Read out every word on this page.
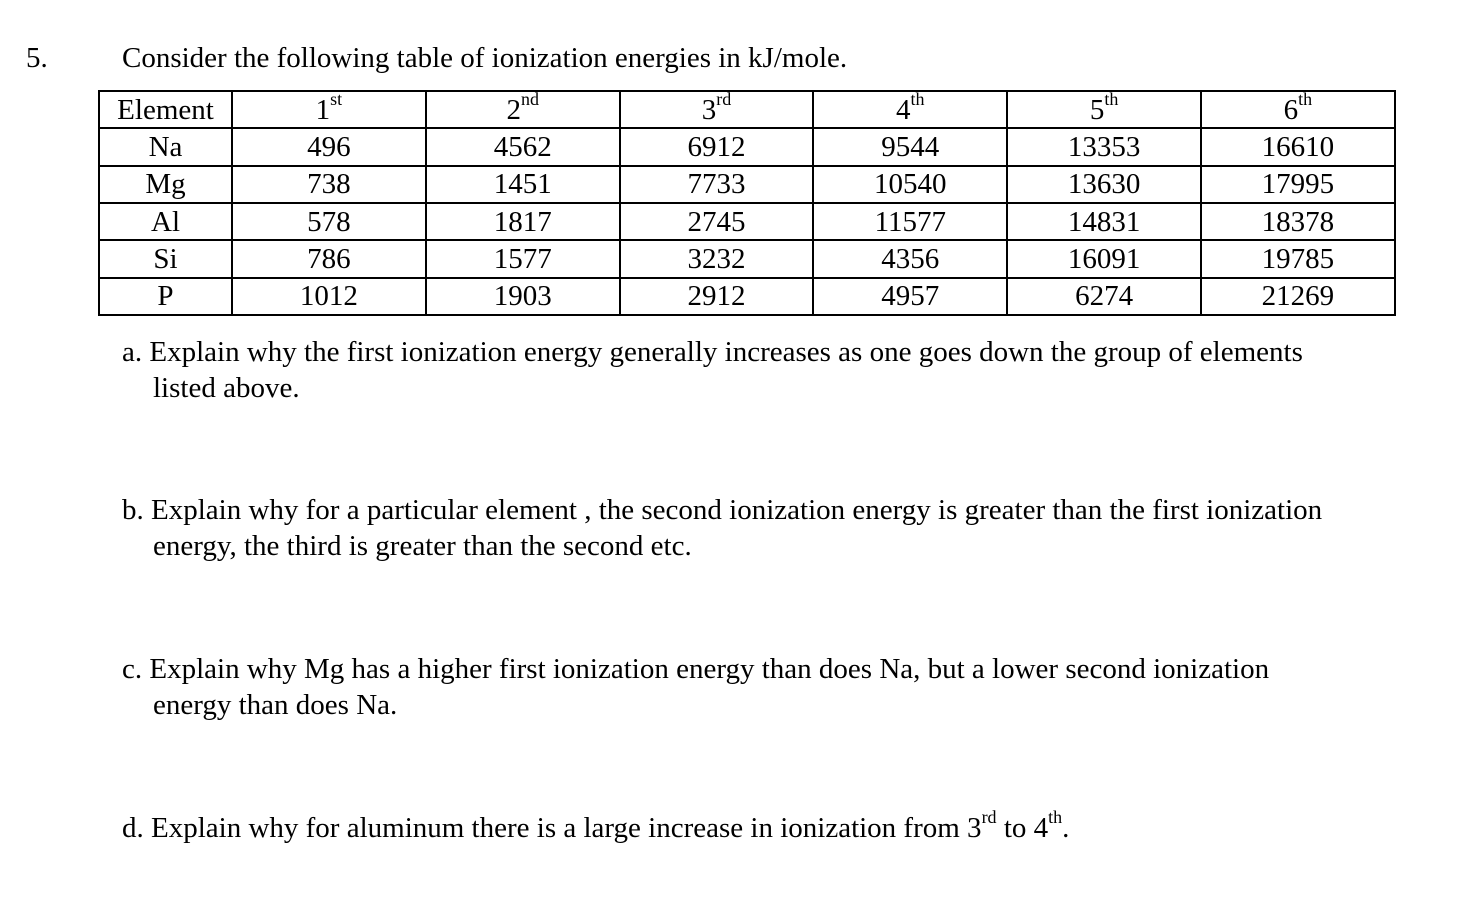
5.	Consider the following table of ionization energies in kJ/mole.
Element	1st	2nd	3rd	4th	5th	6th
Na	496	4562	6912	9544	13353	16610
Mg	738	1451	7733	10540	13630	17995
Al	578	1817	2745	11577	14831	18378
Si	786	1577	3232	4356	16091	19785
P	1012	1903	2912	4957	6274	21269
a. Explain why the first ionization energy generally increases as one goes down the group of elements
listed above.
b. Explain why for a particular element , the second ionization energy is greater than the first ionization
energy, the third is greater than the second etc.
c. Explain why Mg has a higher first ionization energy than does Na, but a lower second ionization
energy than does Na.
d. Explain why for aluminum there is a large increase in ionization from 3rd to 4th.
